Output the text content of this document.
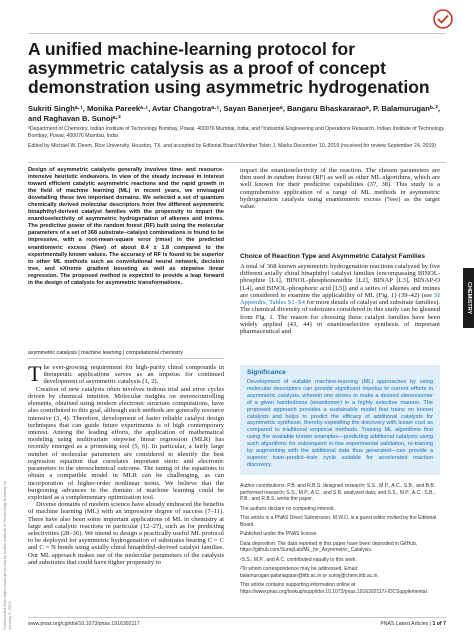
A unified machine-learning protocol for asymmetric catalysis as a proof of concept demonstration using asymmetric hydrogenation

Sukriti Singhᵃ·¹, Monika Pareekᵃ·¹, Avtar Changotraᵃ·¹, Sayan Banerjeeᵃ, Bangaru Bhaskararaoᵃ, P. Balamuruganᵇ·², and Raghavan B. Sunojᵃ·²

ᵃDepartment of Chemistry, Indian Institute of Technology Bombay, Powai, 400076 Mumbai, India; and ᵇIndustrial Engineering and Operations Research, Indian Institute of Technology Bombay, Powai, 400076 Mumbai, India

Edited by Michael W. Deem, Rice University, Houston, TX, and accepted by Editorial Board Member Tobin J. Marks December 10, 2019 (received for review September 24, 2019)

Design of asymmetric catalysts generally involves time- and resource-intensive heuristic endeavors. In view of the steady increase in interest toward efficient catalytic asymmetric reactions and the rapid growth in the field of machine learning (ML) in recent years, we envisaged dovetailing these two important domains. We selected a set of quantum chemically derived molecular descriptors from five different asymmetric binaphthyl-derived catalyst families with the propensity to impart the enantioselectivity of asymmetric hydrogenation of alkenes and imines. The predictive power of the random forest (RF) built using the molecular parameters of a set of 368 substrate–catalyst combinations is found to be impressive, with a root-mean-square error (rmse) in the predicted enantiomeric excess (%ee) of about 8.4 ± 1.8 compared to the experimentally known values. The accuracy of RF is found to be superior to other ML methods such as convolutional neural network, decision tree, and eXtreme gradient boosting as well as stepwise linear regression. The proposed method is expected to provide a leap forward in the design of catalysts for asymmetric transformations.

asymmetric catalysis | machine learning | computational chemistry

T he ever-growing requirement for high-purity chiral compounds in therapeutic applications serves as an impetus for continued development of asymmetric catalysis (1, 2).
Creation of new catalysts often involves tedious trial and error cycles driven by chemical intuition. Molecular insights on stereocontrolling elements, obtained using modern electronic structure computations, have also contributed to this goal, although such methods are generally resource intensive (3, 4). Therefore, development of faster reliable catalyst design techniques that can guide future experiments is of high contemporary interest. Among the leading efforts, the application of mathematical modeling using multivariate stepwise linear regression (MLR) has recently emerged as a promising tool (5, 6). In particular, a fairly large number of molecular parameters are considered to identify the best regression equation that correlates important steric and electronic parameters to the stereochemical outcome. The tuning of the equations to obtain a compatible model in MLR can be challenging, as can incorporation of higher-order nonlinear terms. We believe that the burgeoning advances in the domain of machine learning could be exploited as a complementary optimization tool.
Diverse domains of modern science have already embraced the benefits of machine learning (ML) with an impressive degree of success (7–11). There have also been some important applications of ML in chemistry at large and catalytic reactions in particular (12–27), such as for predicting selectivities (28–36). We intend to design a practically useful ML protocol to be deployed for asymmetric hydrogenation of substrates bearing C = C and C = N bonds using axially chiral binaphthyl-derived catalyst families. Our ML approach makes use of the molecular parameters of the catalysts and substrates that could have higher propensity to

impart the enantioselectivity of the reaction. The chosen parameters are then used in random forest (RF) as well as other ML algorithms, which are well known for their predictive capabilities (37, 38). This study is a comprehensive application of a range of ML methods in asymmetric hydrogenation catalysis using enantiomeric excess (%ee) as the target value.

Choice of Reaction Type and Asymmetric Catalyst Families

A total of 368 known asymmetric hydrogenation reactions catalyzed by five different axially chiral binaphthyl catalyst families (encompassing BINOL-phosphite [L1], BINOL-phosphoramidite [L2], BINAP [L3], BINAP-O [L4], and BINOL-phosphoric acid [L5]) and a series of alkenes and imines are considered to examine the applicability of ML (Fig. 1) (39–42) (see SI Appendix, Tables S1–S4 for more details of catalyst and substrate families). The chemical diversity of substrates considered in this study can be gleaned from Fig. 1. The reason for choosing these catalyst families have been widely applied (43, 44) in enantioselective synthesis of important pharmaceutical and

Significance

Development of suitable machine-learning (ML) approaches by using molecular descriptors can provide significant impetus to current efforts in asymmetric catalysis, wherein one strives to make a desired stereoisomer of a given handedness (enantiomer) in a highly selective manner. The proposed approach provides a sustainable model that trains on known catalysts and helps to predict the efficacy of additional catalysts for asymmetric synthesis, thereby expediting the discovery with lesser cost as compared to traditional empirical methods. Training ML algorithms first using the available known examples—predicting additional catalysts using such algorithms for subsequent in-line experimental validation, re-training by augmenting with the additional data thus generated—can provide a superior train–predict–train cycle suitable for accelerated reaction discovery.

Author contributions: P.B. and R.B.S. designed research; S.S., M.P., A.C., S.B., and B.B. performed research; S.S., M.P., A.C., and S.B. analyzed data; and S.S., M.P., A.C., S.B., P.B., and R.B.S. wrote the paper.

The authors declare no competing interest.

This article is a PNAS Direct Submission. M.W.D. is a guest editor invited by the Editorial Board.

Published under the PNAS license.

Data deposition: The data reported in this paper have been deposited in GitHub, https://github.com/SunojLab/ML_for_Asymmetric_Catalysis.

¹S.S., M.P., and A.C. contributed equally to this work.

²To whom correspondence may be addressed. Email: balamurugan.palaniappan@iitb.ac.in or sunoj@chem.iitb.ac.in.

This article contains supporting information online at https://www.pnas.org/lookup/suppl/doi:10.1073/pnas.1916392117/-/DCSupplemental.

CHEMISTRY
Downloaded from https://www.pnas.org by Indian Institute of Technology Bombay on January 6, 2023	www.pnas.org/cgi/doi/10.1073/pnas.1916392117	PNAS Latest Articles | 1 of 7
